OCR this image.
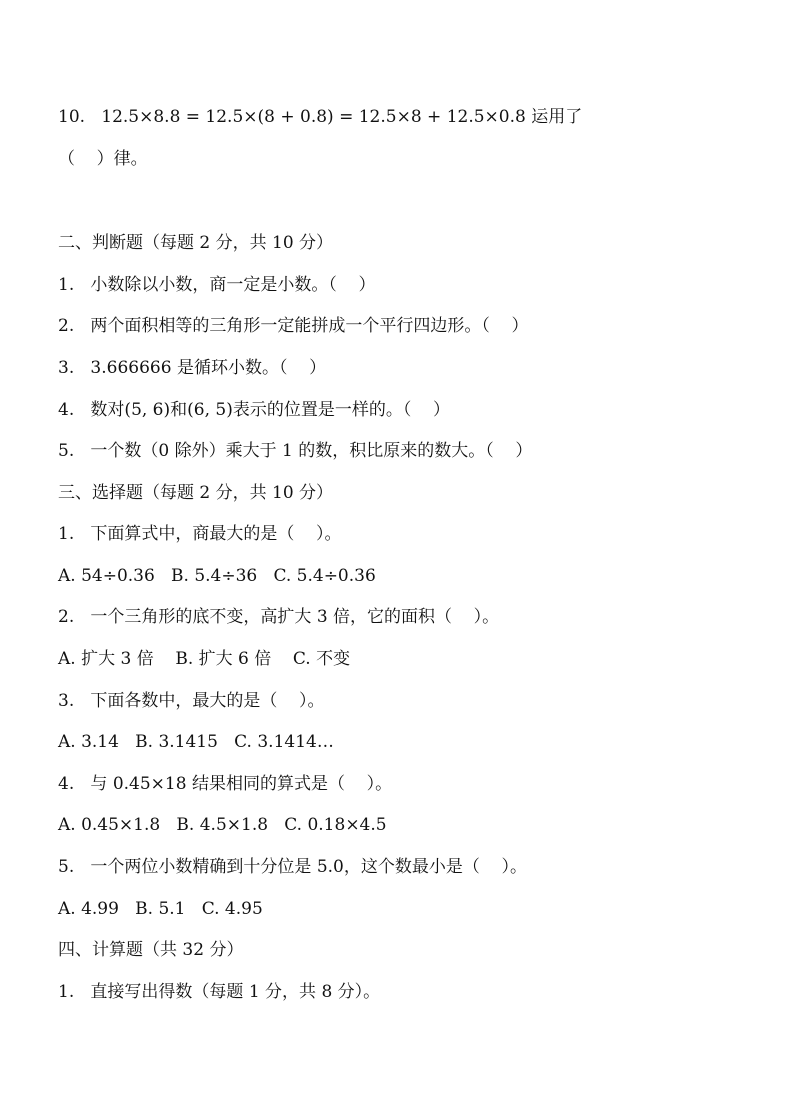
10.   12.5×8.8 = 12.5×(8 + 0.8) = 12.5×8 + 12.5×0.8 运用了
（    ）律。
二、判断题（每题 2 分，共 10 分）
1.   小数除以小数，商一定是小数。（    ）
2.   两个面积相等的三角形一定能拼成一个平行四边形。（    ）
3.   3.666666 是循环小数。（    ）
4.   数对(5, 6)和(6, 5)表示的位置是一样的。（    ）
5.   一个数（0 除外）乘大于 1 的数，积比原来的数大。（    ）
三、选择题（每题 2 分，共 10 分）
1.   下面算式中，商最大的是（    ）。
A. 54÷0.36   B. 5.4÷36   C. 5.4÷0.36
2.   一个三角形的底不变，高扩大 3 倍，它的面积（    ）。
A. 扩大 3 倍    B. 扩大 6 倍    C. 不变
3.   下面各数中，最大的是（    ）。
A. 3.14   B. 3.1415   C. 3.1414…
4.   与 0.45×18 结果相同的算式是（    ）。
A. 0.45×1.8   B. 4.5×1.8   C. 0.18×4.5
5.   一个两位小数精确到十分位是 5.0，这个数最小是（    ）。
A. 4.99   B. 5.1   C. 4.95
四、计算题（共 32 分）
1.   直接写出得数（每题 1 分，共 8 分）。
